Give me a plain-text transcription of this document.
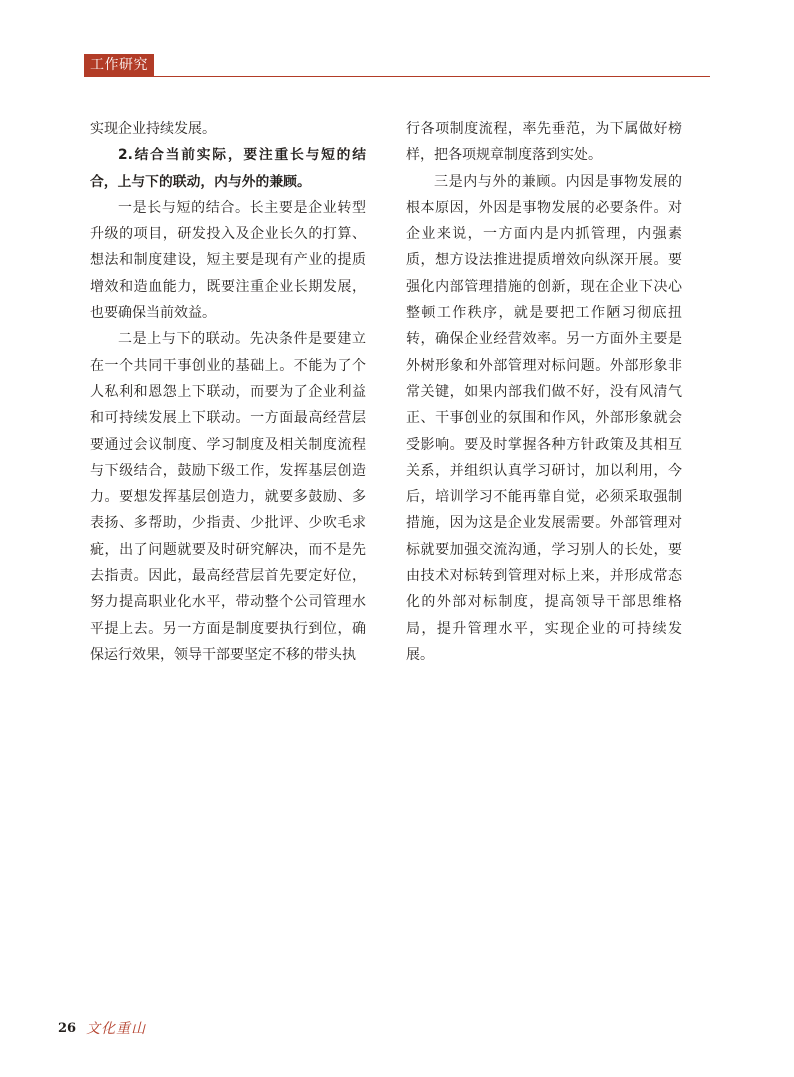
工作研究

实现企业持续发展。

2.结合当前实际，要注重长与短的结合，上与下的联动，内与外的兼顾。

一是长与短的结合。长主要是企业转型升级的项目，研发投入及企业长久的打算、想法和制度建设，短主要是现有产业的提质增效和造血能力，既要注重企业长期发展，也要确保当前效益。

二是上与下的联动。先决条件是要建立在一个共同干事创业的基础上。不能为了个人私利和恩怨上下联动，而要为了企业利益和可持续发展上下联动。一方面最高经营层要通过会议制度、学习制度及相关制度流程与下级结合，鼓励下级工作，发挥基层创造力。要想发挥基层创造力，就要多鼓励、多表扬、多帮助，少指责、少批评、少吹毛求疵，出了问题就要及时研究解决，而不是先去指责。因此，最高经营层首先要定好位，努力提高职业化水平，带动整个公司管理水平提上去。另一方面是制度要执行到位，确保运行效果，领导干部要坚定不移的带头执

行各项制度流程，率先垂范，为下属做好榜样，把各项规章制度落到实处。

三是内与外的兼顾。内因是事物发展的根本原因，外因是事物发展的必要条件。对企业来说，一方面内是内抓管理，内强素质，想方设法推进提质增效向纵深开展。要强化内部管理措施的创新，现在企业下决心整顿工作秩序，就是要把工作陋习彻底扭转，确保企业经营效率。另一方面外主要是外树形象和外部管理对标问题。外部形象非常关键，如果内部我们做不好，没有风清气正、干事创业的氛围和作风，外部形象就会受影响。要及时掌握各种方针政策及其相互关系，并组织认真学习研讨，加以利用，今后，培训学习不能再靠自觉，必须采取强制措施，因为这是企业发展需要。外部管理对标就要加强交流沟通，学习别人的长处，要由技术对标转到管理对标上来，并形成常态化的外部对标制度，提高领导干部思维格局，提升管理水平，实现企业的可持续发展。

26 文化重山
